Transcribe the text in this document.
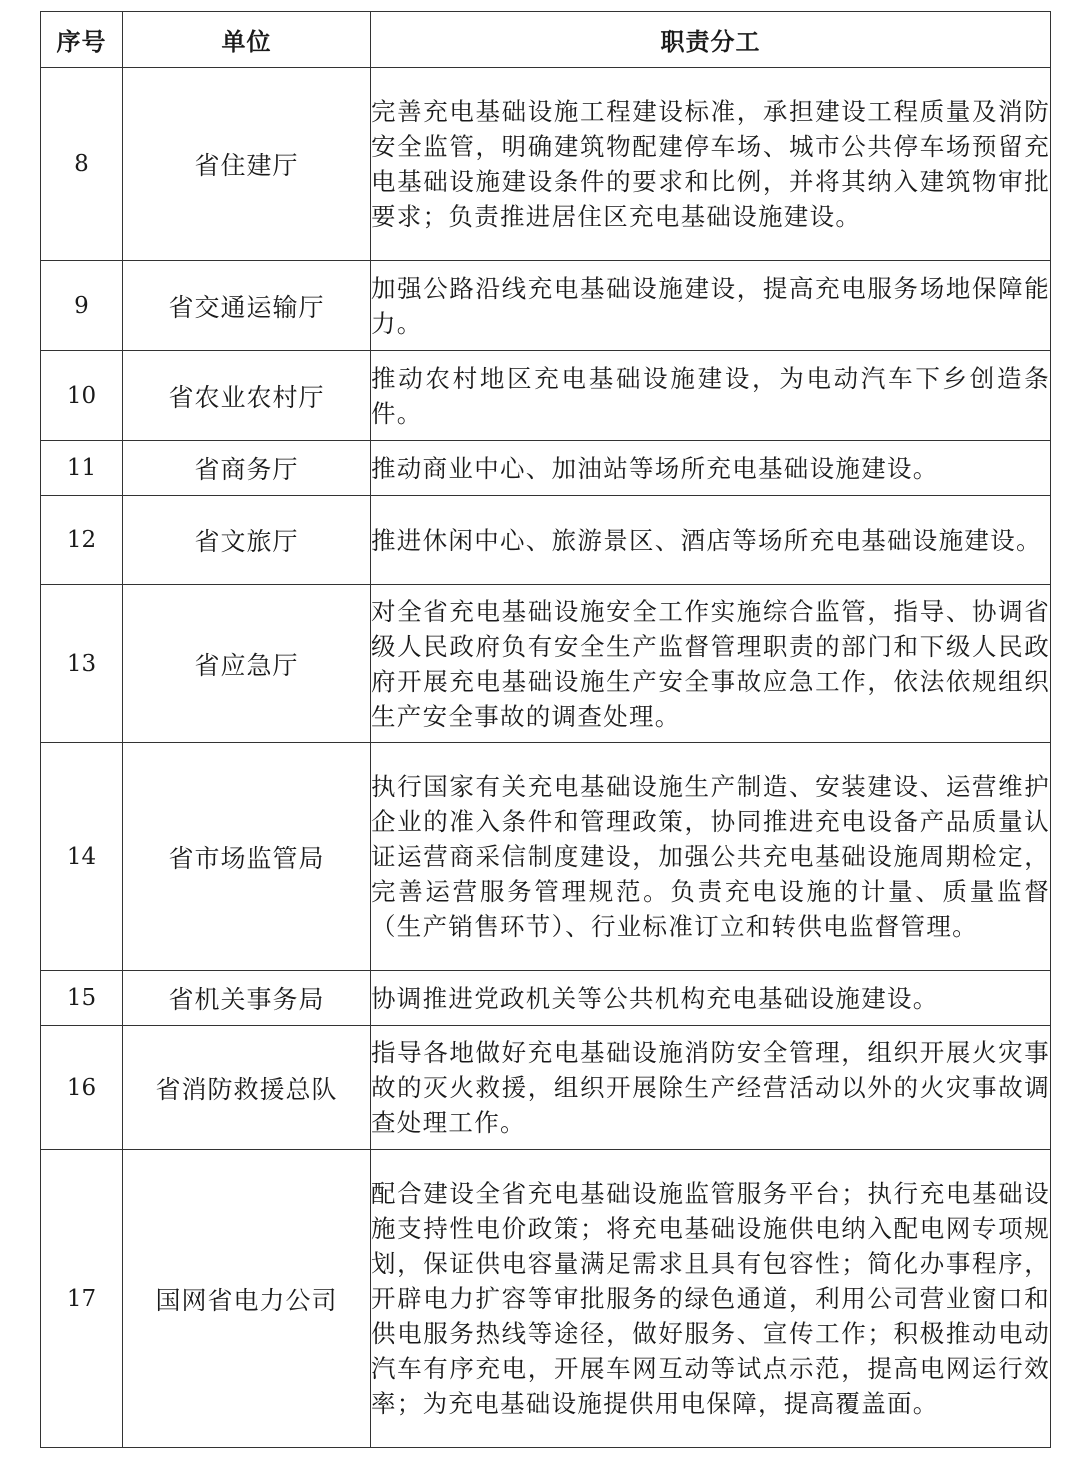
序号	单位	职责分工
8	省住建厅	完善充电基础设施工程建设标准，承担建设工程质量及消防安全监管，明确建筑物配建停车场、城市公共停车场预留充电基础设施建设条件的要求和比例，并将其纳入建筑物审批要求；负责推进居住区充电基础设施建设。
9	省交通运输厅	加强公路沿线充电基础设施建设，提高充电服务场地保障能力。
10	省农业农村厅	推动农村地区充电基础设施建设，为电动汽车下乡创造条件。
11	省商务厅	推动商业中心、加油站等场所充电基础设施建设。
12	省文旅厅	推进休闲中心、旅游景区、酒店等场所充电基础设施建设。
13	省应急厅	对全省充电基础设施安全工作实施综合监管，指导、协调省级人民政府负有安全生产监督管理职责的部门和下级人民政府开展充电基础设施生产安全事故应急工作，依法依规组织生产安全事故的调查处理。
14	省市场监管局	执行国家有关充电基础设施生产制造、安装建设、运营维护企业的准入条件和管理政策，协同推进充电设备产品质量认证运营商采信制度建设，加强公共充电基础设施周期检定，完善运营服务管理规范。负责充电设施的计量、质量监督（生产销售环节）、行业标准订立和转供电监督管理。
15	省机关事务局	协调推进党政机关等公共机构充电基础设施建设。
16	省消防救援总队	指导各地做好充电基础设施消防安全管理，组织开展火灾事故的灭火救援，组织开展除生产经营活动以外的火灾事故调查处理工作。
17	国网省电力公司	配合建设全省充电基础设施监管服务平台；执行充电基础设施支持性电价政策；将充电基础设施供电纳入配电网专项规划，保证供电容量满足需求且具有包容性；简化办事程序，开辟电力扩容等审批服务的绿色通道，利用公司营业窗口和供电服务热线等途径，做好服务、宣传工作；积极推动电动汽车有序充电，开展车网互动等试点示范，提高电网运行效率；为充电基础设施提供用电保障，提高覆盖面。
